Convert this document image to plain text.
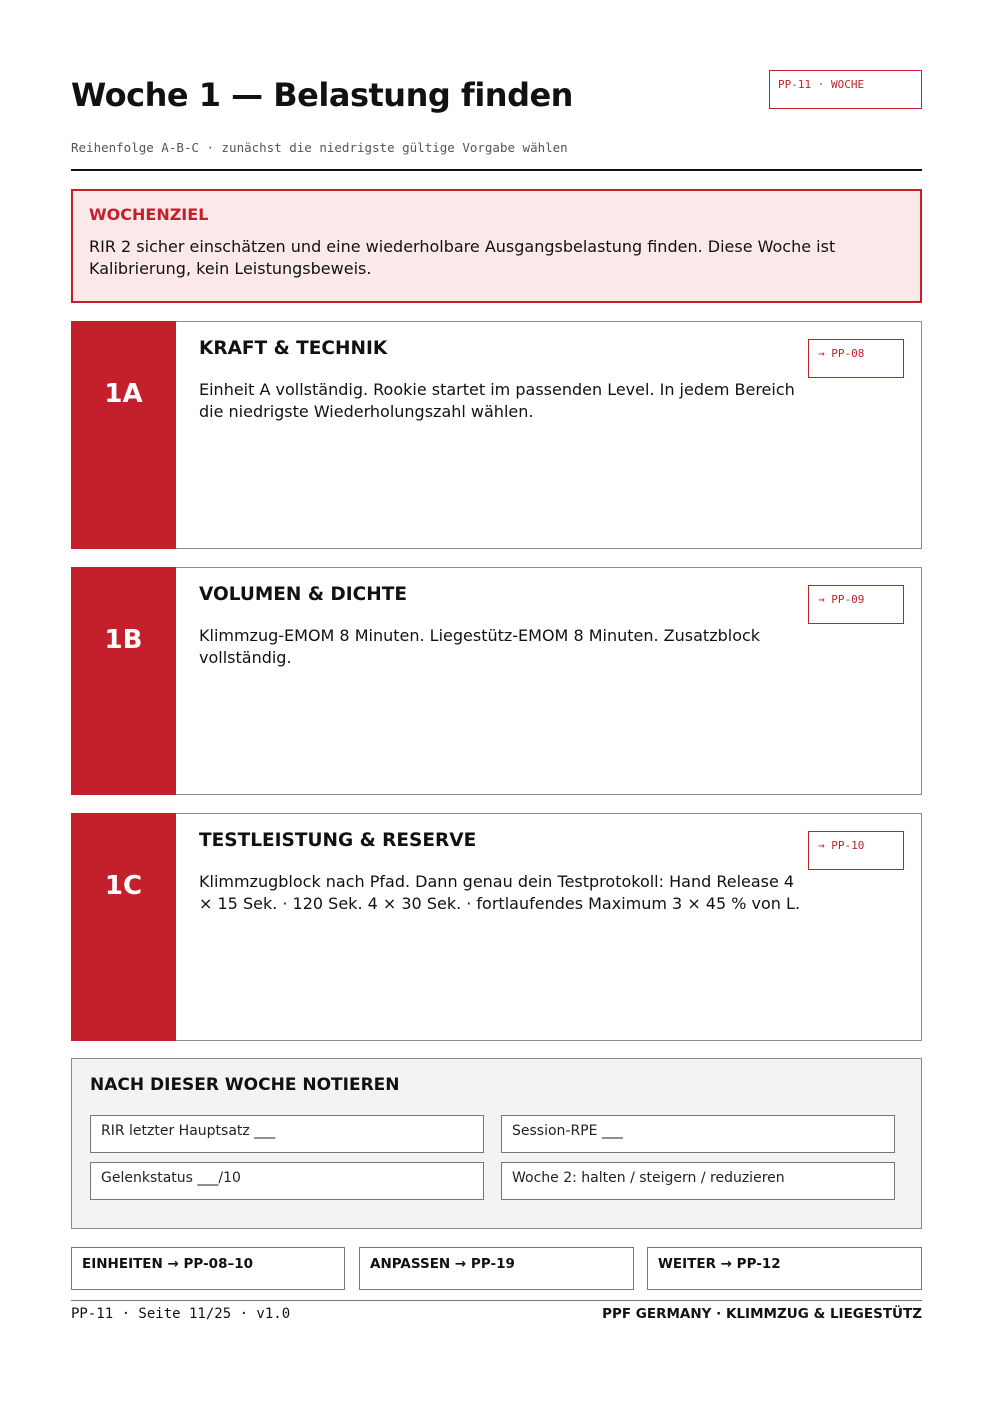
Woche 1 — Belastung finden	PP-11 · WOCHE
Reihenfolge A-B-C · zunächst die niedrigste gültige Vorgabe wählen
WOCHENZIEL
RIR 2 sicher einschätzen und eine wiederholbare Ausgangsbelastung finden. Diese Woche ist Kalibrierung, kein Leistungsbeweis.
1A
KRAFT & TECHNIK
Einheit A vollständig. Rookie startet im passenden Level. In jedem Bereich die niedrigste Wiederholungszahl wählen.
→ PP-08
1B
VOLUMEN & DICHTE
Klimmzug-EMOM 8 Minuten. Liegestütz-EMOM 8 Minuten. Zusatzblock vollständig.
→ PP-09
1C
TESTLEISTUNG & RESERVE
Klimmzugblock nach Pfad. Dann genau dein Testprotokoll: Hand Release 4 × 15 Sek. · 120 Sek. 4 × 30 Sek. · fortlaufendes Maximum 3 × 45 % von L.
→ PP-10
NACH DIESER WOCHE NOTIEREN
RIR letzter Hauptsatz ___	Session-RPE ___
Gelenkstatus ___/10	Woche 2: halten / steigern / reduzieren
EINHEITEN → PP-08–10	ANPASSEN → PP-19	WEITER → PP-12
PP-11 · Seite 11/25 · v1.0	PPF GERMANY · KLIMMZUG & LIEGESTÜTZ
